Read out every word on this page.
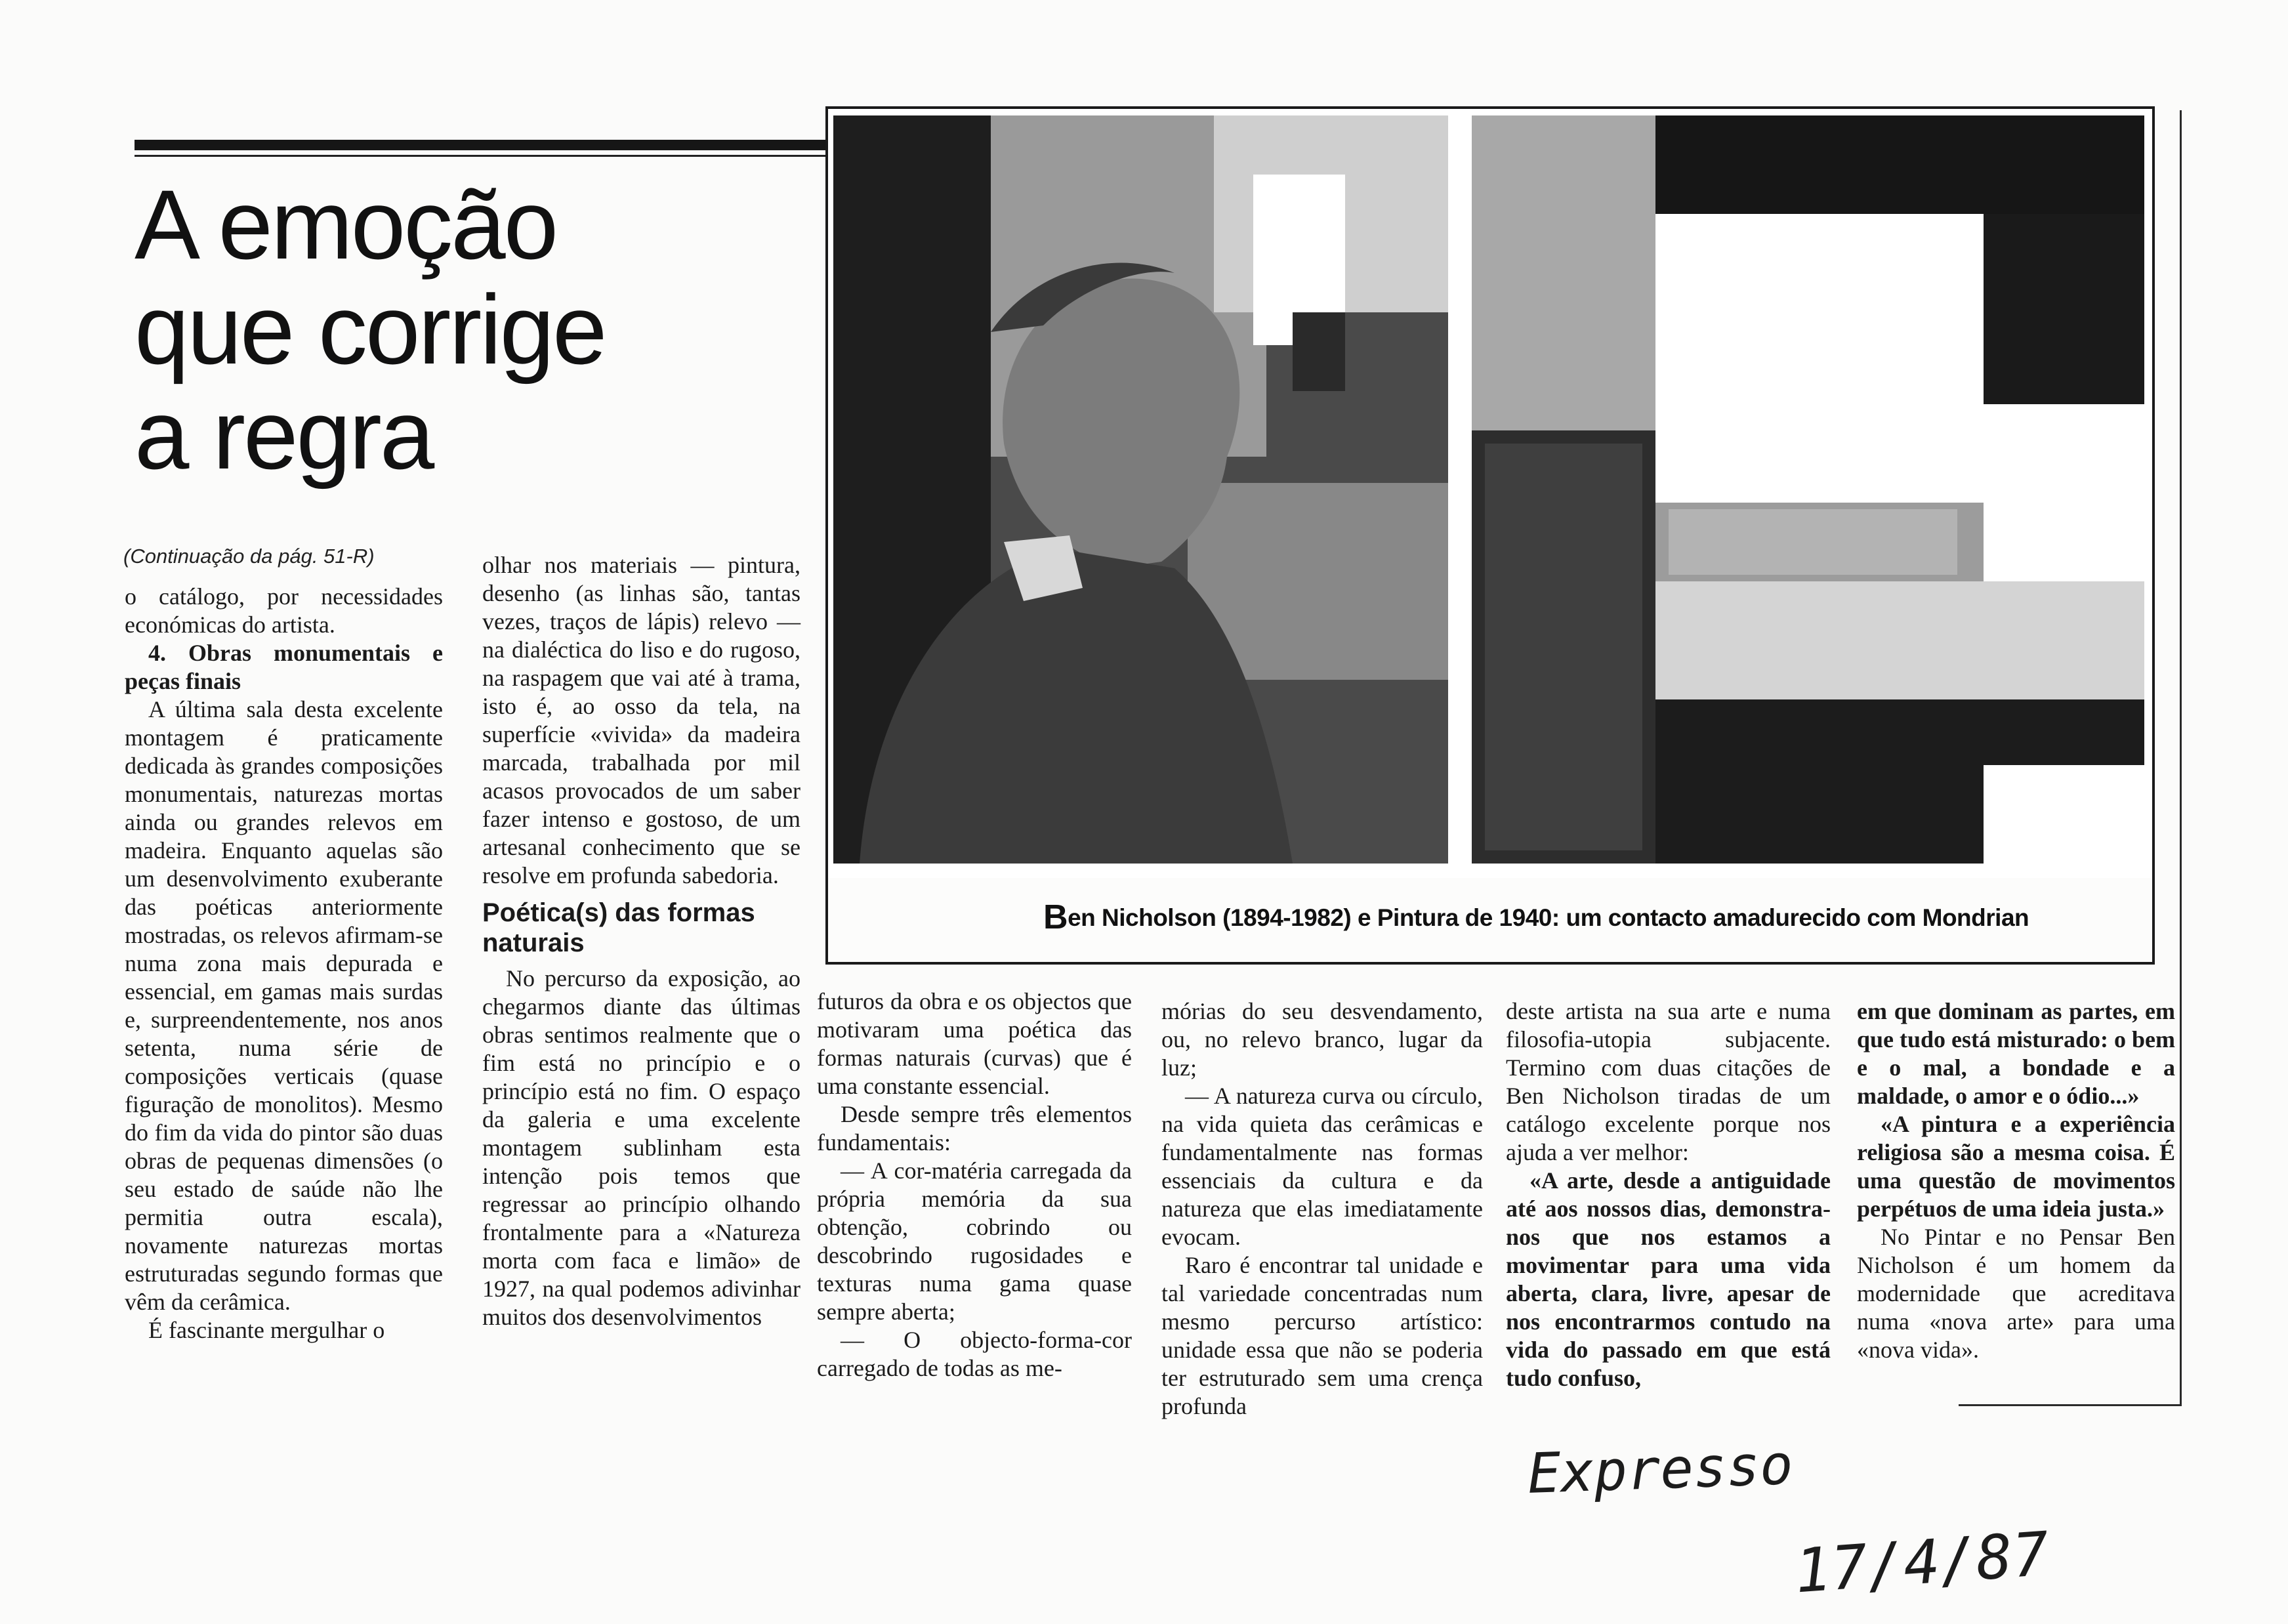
A emoção
que corrige
a regra
(Continuação da pág. 51-R)
Ben Nicholson (1894-1982) e Pintura de 1940: um contacto amadurecido com Mondrian

o catálogo, por necessidades económicas do artista.

4. Obras monumentais e peças finais

A última sala desta excelente montagem é praticamente dedicada às grandes composições monumentais, naturezas mortas ainda ou grandes relevos em madeira. Enquanto aquelas são um desenvolvimento exuberante das poéticas anteriormente mostradas, os relevos afirmam-se numa zona mais depurada e essencial, em gamas mais surdas e, surpreendentemente, nos anos setenta, numa série de composições verticais (quase figuração de monolitos). Mesmo do fim da vida do pintor são duas obras de pequenas dimensões (o seu estado de saúde não lhe permitia outra escala), novamente naturezas mortas estruturadas segundo formas que vêm da cerâmica.

É fascinante mergulhar o

olhar nos materiais — pintura, desenho (as linhas são, tantas vezes, traços de lápis) relevo — na dialéctica do liso e do rugoso, na raspagem que vai até à trama, isto é, ao osso da tela, na superfície «vivida» da madeira marcada, trabalhada por mil acasos provocados de um saber fazer intenso e gostoso, de um artesanal conhecimento que se resolve em profunda sabedoria.

Poética(s) das formas naturais

No percurso da exposição, ao chegarmos diante das últimas obras sentimos realmente que o fim está no princípio e o princípio está no fim. O espaço da galeria e uma excelente montagem sublinham esta intenção pois temos que regressar ao princípio olhando frontalmente para a «Natureza morta com faca e limão» de 1927, na qual podemos adivinhar muitos dos desenvolvimentos

futuros da obra e os objectos que motivaram uma poética das formas naturais (curvas) que é uma constante essencial.

Desde sempre três elementos fundamentais:

— A cor-matéria carregada da própria memória da sua obtenção, cobrindo ou descobrindo rugosidades e texturas numa gama quase sempre aberta;

— O objecto-forma-cor carregado de todas as me-

mórias do seu desvendamento, ou, no relevo branco, lugar da luz;

— A natureza curva ou círculo, na vida quieta das cerâmicas e fundamentalmente nas formas essenciais da cultura e da natureza que elas imediatamente evocam.

Raro é encontrar tal unidade e tal variedade concentradas num mesmo percurso artístico: unidade essa que não se poderia ter estruturado sem uma crença profunda

deste artista na sua arte e numa filosofia-utopia subjacente. Termino com duas citações de Ben Nicholson tiradas de um catálogo excelente porque nos ajuda a ver melhor:

«A arte, desde a antiguidade até aos nossos dias, demonstra-nos que nos estamos a movimentar para uma vida aberta, clara, livre, apesar de nos encontrarmos contudo na vida do passado em que está tudo confuso,

em que dominam as partes, em que tudo está misturado: o bem e o mal, a bondade e a maldade, o amor e o ódio...»

«A pintura e a experiência religiosa são a mesma coisa. É uma questão de movimentos perpétuos de uma ideia justa.»

No Pintar e no Pensar Ben Nicholson é um homem da modernidade que acreditava numa «nova arte» para uma «nova vida».

Expresso
17/4/87
